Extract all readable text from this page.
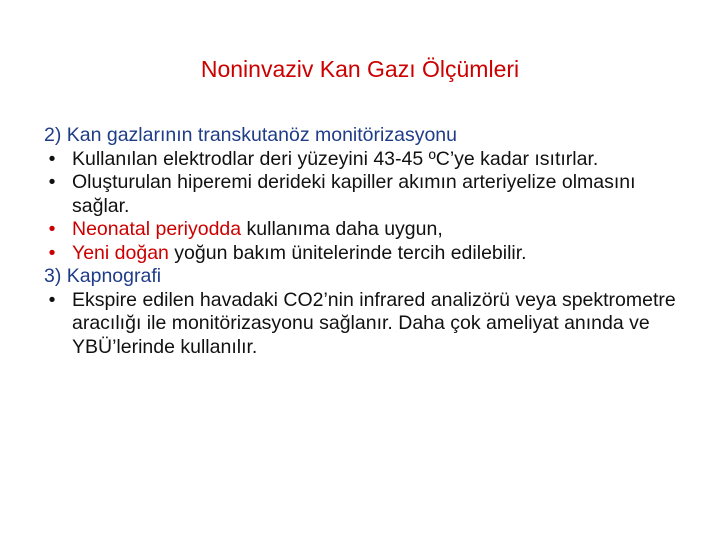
Noninvaziv Kan Gazı Ölçümleri
2) Kan gazlarının transkutanöz monitörizasyonu
• Kullanılan elektrodlar deri yüzeyini 43-45 ºC’ye kadar ısıtırlar.
• Oluşturulan hiperemi derideki kapiller akımın arteriyelize olmasını sağlar.
• Neonatal periyodda kullanıma daha uygun,
• Yeni doğan yoğun bakım ünitelerinde tercih edilebilir.
3) Kapnografi
• Ekspire edilen havadaki CO2’nin infrared analizörü veya spektrometre aracılığı ile monitörizasyonu sağlanır. Daha çok ameliyat anında ve YBÜ’lerinde kullanılır.
